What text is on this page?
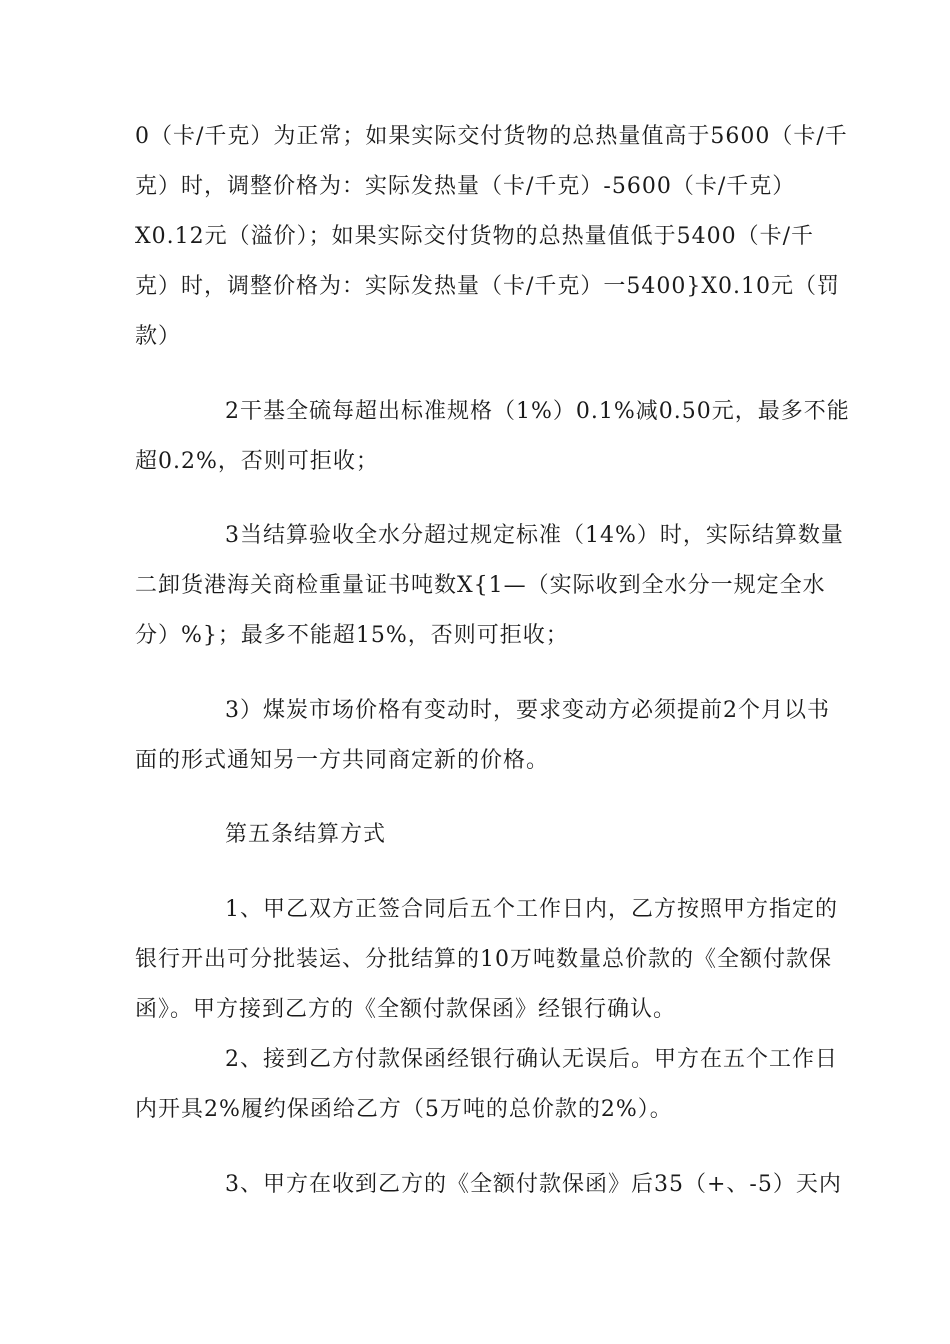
0（卡/千克）为正常；如果实际交付货物的总热量值高于5600（卡/千
克）时，调整价格为：实际发热量（卡/千克）-5600（卡/千克）
X0.12元（溢价）；如果实际交付货物的总热量值低于5400（卡/千
克）时，调整价格为：实际发热量（卡/千克）一5400}X0.10元（罚
款）
2干基全硫每超出标准规格（1%）0.1%减0.50元，最多不能
超0.2%，否则可拒收；
3当结算验收全水分超过规定标准（14%）时，实际结算数量
二卸货港海关商检重量证书吨数X{1—（实际收到全水分一规定全水
分）%}；最多不能超15%，否则可拒收；
3）煤炭市场价格有变动时，要求变动方必须提前2个月以书
面的形式通知另一方共同商定新的价格。
第五条结算方式
1、甲乙双方正签合同后五个工作日内，乙方按照甲方指定的
银行开出可分批装运、分批结算的10万吨数量总价款的《全额付款保
函》。甲方接到乙方的《全额付款保函》经银行确认。
2、接到乙方付款保函经银行确认无误后。甲方在五个工作日
内开具2%履约保函给乙方（5万吨的总价款的2%）。
3、甲方在收到乙方的《全额付款保函》后35（+、-5）天内
